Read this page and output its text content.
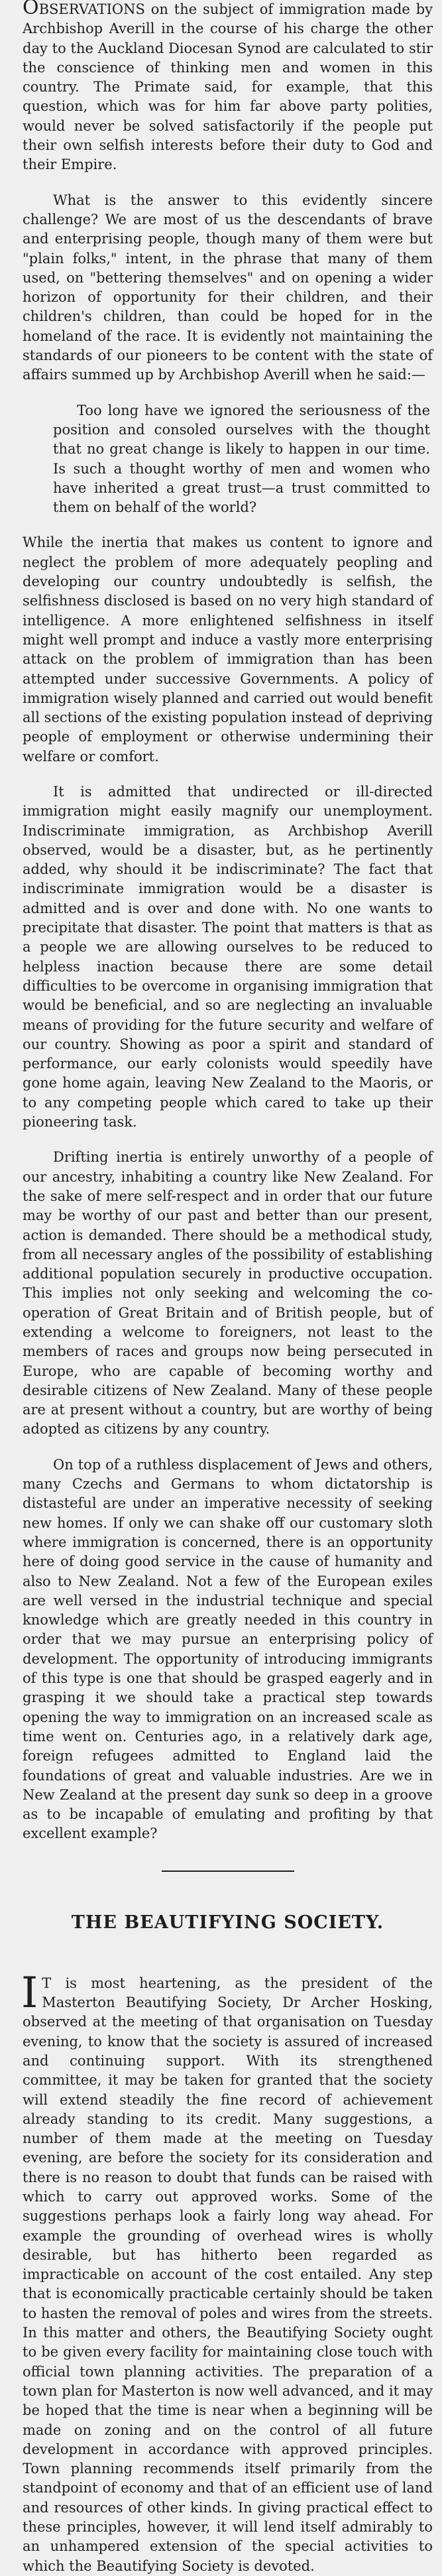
OBSERVATIONS on the subject of immigration made by Archbishop Averill in the course of his charge the other day to the Auckland Diocesan Synod are calculated to stir the conscience of thinking men and women in this country. The Primate said, for example, that this question, which was for him far above party polities, would never be solved satisfactorily if the people put their own selfish interests before their duty to God and their Empire.

What is the answer to this evidently sincere challenge? We are most of us the descendants of brave and enterprising people, though many of them were but "plain folks," intent, in the phrase that many of them used, on "bettering themselves" and on opening a wider horizon of opportunity for their children, and their children's children, than could be hoped for in the homeland of the race. It is evidently not maintaining the standards of our pioneers to be content with the state of affairs summed up by Archbishop Averill when he said:—

Too long have we ignored the seriousness of the position and consoled ourselves with the thought that no great change is likely to happen in our time. Is such a thought worthy of men and women who have inherited a great trust—a trust committed to them on behalf of the world?

While the inertia that makes us content to ignore and neglect the problem of more adequately peopling and developing our country undoubtedly is selfish, the selfishness disclosed is based on no very high standard of intelligence. A more enlightened selfishness in itself might well prompt and induce a vastly more enterprising attack on the problem of immigration than has been attempted under successive Governments. A policy of immigration wisely planned and carried out would benefit all sections of the existing population instead of depriving people of employment or otherwise undermining their welfare or comfort.

It is admitted that undirected or ill-directed immigration might easily magnify our unemployment. Indiscriminate immigration, as Archbishop Averill observed, would be a disaster, but, as he pertinently added, why should it be indiscriminate? The fact that indiscriminate immigration would be a disaster is admitted and is over and done with. No one wants to precipitate that disaster. The point that matters is that as a people we are allowing ourselves to be reduced to helpless inaction because there are some detail difficulties to be overcome in organising immigration that would be beneficial, and so are neglecting an invaluable means of providing for the future security and welfare of our country. Showing as poor a spirit and standard of performance, our early colonists would speedily have gone home again, leaving New Zealand to the Maoris, or to any competing people which cared to take up their pioneering task.

Drifting inertia is entirely unworthy of a people of our ancestry, inhabiting a country like New Zealand. For the sake of mere self-respect and in order that our future may be worthy of our past and better than our present, action is demanded. There should be a methodical study, from all necessary angles of the possibility of establishing additional population securely in productive occupation. This implies not only seeking and welcoming the co-operation of Great Britain and of British people, but of extending a welcome to foreigners, not least to the members of races and groups now being persecuted in Europe, who are capable of becoming worthy and desirable citizens of New Zealand. Many of these people are at present without a country, but are worthy of being adopted as citizens by any country.

On top of a ruthless displacement of Jews and others, many Czechs and Germans to whom dictatorship is distasteful are under an imperative necessity of seeking new homes. If only we can shake off our customary sloth where immigration is concerned, there is an opportunity here of doing good service in the cause of humanity and also to New Zealand. Not a few of the European exiles are well versed in the industrial technique and special knowledge which are greatly needed in this country in order that we may pursue an enterprising policy of development. The opportunity of introducing immigrants of this type is one that should be grasped eagerly and in grasping it we should take a practical step towards opening the way to immigration on an increased scale as time went on. Centuries ago, in a relatively dark age, foreign refugees admitted to England laid the foundations of great and valuable industries. Are we in New Zealand at the present day sunk so deep in a groove as to be incapable of emulating and profiting by that excellent example?

THE BEAUTIFYING SOCIETY.

I T is most heartening, as the president of the Masterton Beautifying Society, Dr Archer Hosking, observed at the meeting of that organisation on Tuesday evening, to know that the society is assured of increased and continuing support. With its strengthened committee, it may be taken for granted that the society will extend steadily the fine record of achievement already standing to its credit. Many suggestions, a number of them made at the meeting on Tuesday evening, are before the society for its consideration and there is no reason to doubt that funds can be raised with which to carry out approved works. Some of the suggestions perhaps look a fairly long way ahead. For example the grounding of overhead wires is wholly desirable, but has hitherto been regarded as impracticable on account of the cost entailed. Any step that is economically practicable certainly should be taken to hasten the removal of poles and wires from the streets. In this matter and others, the Beautifying Society ought to be given every facility for maintaining close touch with official town planning activities. The preparation of a town plan for Masterton is now well advanced, and it may be hoped that the time is near when a beginning will be made on zoning and on the control of all future development in accordance with approved principles. Town planning recommends itself primarily from the standpoint of economy and that of an efficient use of land and resources of other kinds. In giving practical effect to these principles, however, it will lend itself admirably to an unhampered extension of the special activities to which the Beautifying Society is devoted.
